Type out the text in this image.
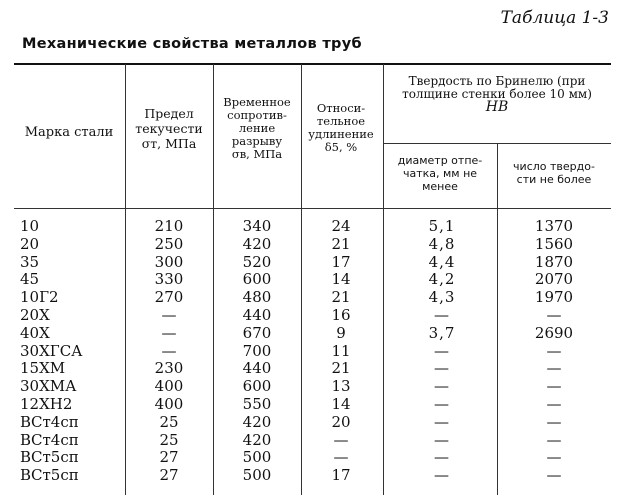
Таблица 1-3
Механические свойства металлов труб
Марка стали
Предел
текучести
σт, МПа
Временное
сопротив-
ление
разрыву
σв, МПа
Относи-
тельное
удлинение
δ5, %
Твердость по Бринелю (при
толщине стенки более 10 мм)
HB
диаметр отпе-
чатка, мм не
менее
число твердо-
сти не более
10	210	340	24	5,1	1370
20	250	420	21	4,8	1560
35	300	520	17	4,4	1870
45	330	600	14	4,2	2070
10Г2	270	480	21	4,3	1970
20Х	—	440	16	—	—
40Х	—	670	9	3,7	2690
30ХГСА	—	700	11	—	—
15ХМ	230	440	21	—	—
30ХМА	400	600	13	—	—
12ХН2	400	550	14	—	—
ВСт4сп	25	420	20	—	—
ВСт4сп	25	420	—	—	—
ВСт5сп	27	500	—	—	—
ВСт5сп	27	500	17	—	—
